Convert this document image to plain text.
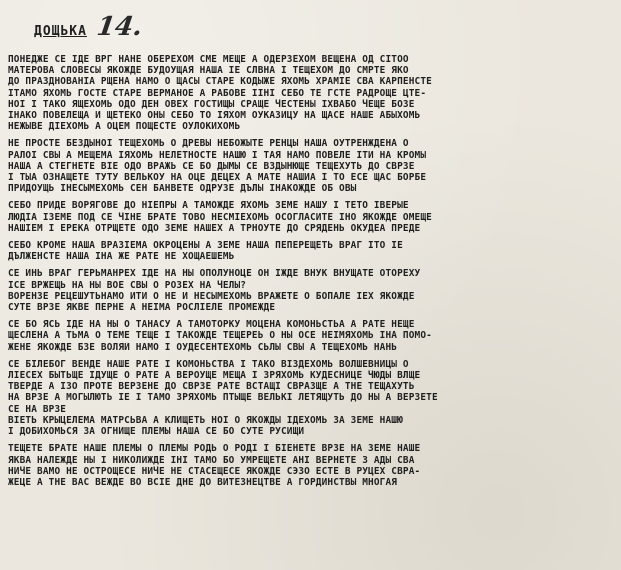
ДОЩЬКА 14.
ПОНЕДЖЕ СЕ ІДЕ ВРГ НАНЕ ОБЕРЕХОМ СМЕ МЕЩЕ А ОДЕРЗЕХОМ ВЕЩЕНА ОД СІТОО
МАТЕРОВА СЛОВЕСЫ ЯКОЖДЕ БУДОУЩАЯ НАША ІЕ СЛВНА І ТЕЩЕХОМ ДО СМРТЕ ЯКО
ДО ПРАЗДНОВАНІА РЩЕНА НАМО О ЩАСЫ СТАРЕ КОДЫЖЕ ЯХОМЬ ХРАМІЕ СВА КАРПЕНСТЕ
ІТАМО ЯХОМЬ ГОСТЕ СТАРЕ ВЕРМАНОЕ А РАБОВЕ ІІНІ СЕБО ТЕ ГСТЕ РАДРОЩЕ ЦТЕ-
НОІ І ТАКО ЯЩЕХОМЬ ОДО ДЕН ОВЕХ ГОСТИЩЫ СРАЩЕ ЧЕСТЕНЫ ІХВАБО ЧЕЩЕ БОЗЕ
ІНАКО ПОВЕЛЕЩА И ЩЕТЕКО ОНЫ СЕБО ТО ІЯХОМ ОУКАЗИЦУ НА ЩАСЕ НАШЕ АБЫХОМЬ
НЕЖЫВЕ ДІЕХОМЬ А ОЦЕМ ПОЩЕСТЕ ОУЛОКИХОМЬ
НЕ ПРОСТЕ БЕЗДЫНОІ ТЕЩЕХОМЬ О ДРЕВЫ НЕБОЖЫТЕ РЕНЦЫ НАША ОУТРЕНЖДЕНА О
РАЛОІ СВЫ А МЕЩЕМА ІЯХОМЬ НЕЛЕТНОСТЕ НАШЮ І ТАЯ НАМО ПОВЕЛЕ ІТИ НА КРОМЫ
НАША А СТЕГНЕТЕ ВІЕ ОДО ВРАЖЬ СЕ БО ДЫМЫ СЕ ВЗДЫНЮЩЕ ТЕЩЕХУТЬ ДО СВРЗЕ
І ТЫА ОЗНАЩЕТЕ ТУТУ ВЕЛЬКОУ НА ОЦЕ ДЕЦЕХ А МАТЕ НАШИА І ТО ЕСЕ ЩАС БОРБЕ
ПРИДОУЩЬ ІНЕСЫМЕХОМЬ СЕН БАНВЕТЕ ОДРУЗЕ ДЪЛЫ ІНАКОЖДЕ ОБ ОВЫ
СЕБО ПРИДЕ ВОРЯГОВЕ ДО НІЕПРЫ А ТАМОЖДЕ ЯХОМЬ ЗЕМЕ НАШУ І ТЕТО ІВЕРЫЕ
ЛЮДІА ІЗЕМЕ ПОД СЕ ЧІНЕ БРАТЕ ТОВО НЕСМІЕХОМЬ ОСОГЛАСИТЕ ІНО ЯКОЖДЕ ОМЕЩЕ
НАШІЕМ І ЕРЕКА ОТРЩЕТЕ ОДО ЗЕМЕ НАШЕХ А ТРНОУТЕ ДО СРЯДЕНЬ ОКУДЕА ПРЕДЕ
СЕБО КРОМЕ НАША ВРАЗІЕМА ОКРОЦЕНЫ А ЗЕМЕ НАША ПЕПЕРЕЩЕТЬ ВРАГ ІТО ІЕ
ДЪЛЖЕНСТЕ НАША ІНА ЖЕ РАТЕ НЕ ХОЩАЕШЕМЬ
СЕ ИНЬ ВРАГ ГЕРЬМАНРЕХ ІДЕ НА НЫ ОПОЛУНОЦЕ ОН ІЖДЕ ВНУК ВНУЩАТЕ ОТОРЕХУ
ІСЕ ВРЖЕЩЬ НА НЫ ВОЕ СВЫ О РОЗЕХ НА ЧЕЛЫ?
ВОРЕНЗЕ РЕЦЕШУТЬНАМО ИТИ О НЕ И НЕСЫМЕХОМЬ ВРАЖЕТЕ О БОПАЛЕ ІЕХ ЯКОЖДЕ
СУТЕ ВРЗЕ ЯКВЕ ПЕРНЕ А НЕІМА РОСЛІЕЛЕ ПРОМЕЖДЕ
СЕ БО ЯСЬ ІДЕ НА НЫ О ТАНАСУ А ТАМОТОРКУ МОЦЕНА КОМОНЬСТЬА А РАТЕ НЕЩЕ
ЩЕСЛЕНА А ТЬМА О ТЕМЕ ТЕЩЕ І ТАКОЖДЕ ТЕЩЕРЕЬ О НЫ ОСЕ НЕІМЯХОМЬ ІНА ПОМО-
ЖЕНЕ ЯКОЖДЕ БЗЕ ВОЛЯЙ НАМО І ОУДЕСЕНТЕХОМЬ СЬЛЫ СВЫ А ТЕЩЕХОМЬ НАНЬ
СЕ БІЛЕБОГ ВЕНДЕ НАШЕ РАТЕ І КОМОНЬСТВА І ТАКО ВІЗДЕХОМЬ ВОЛШЕВНИЦЫ О
ЛІЕСЕХ БЫТЬЩЕ ІДУЩЕ О РАТЕ А ВЕРОУЩЕ МЕЩА І ЗРЯХОМЬ КУДЕСНИЦЕ ЧЮДЫ ВЛЩЕ
ТВЕРДЕ А ІЗО ПРОТЕ ВЕРЗЕНЕ ДО СВРЗЕ РАТЕ ВСТАЩІ СВРАЗЩЕ А ТНЕ ТЕЩАХУТЬ
НА ВРЗЕ А МОГЫЛЮТЬ ІЕ І ТАМО ЗРЯХОМЬ ПТЫЩЕ ВЕЛЬКІ ЛЕТЯЩУТЬ ДО НЫ А ВЕРЗЕТЕ
СЕ НА ВРЗЕ
ВІЕТЬ КРЫЦЕЛЕМА МАТРСЬВА А КЛИЩЕТЬ НОІ О ЯКОЖДЫ ІДЕХОМЬ ЗА ЗЕМЕ НАШЮ
І ДОБИХОМЬСЯ ЗА ОГНИЩЕ ПЛЕМЫ НАША СЕ БО СУТЕ РУСИЩИ
ТЕЩЕТЕ БРАТЕ НАШЕ ПЛЕМЫ О ПЛЕМЫ РОДЬ О РОДІ І БІЕНЕТЕ ВРЗЕ НА ЗЕМЕ НАШЕ
ЯКВА НАЛЕЖДЕ НЫ І НИКОЛИЖДЕ ІНІ ТАМО БО УМРЕЩЕТЕ АНІ ВЕРНЕТЕ З АДЫ СВА
НИЧЕ ВАМО НЕ ОСТРОЩЕСЕ НИЧЕ НЕ СТАСЕЩЕСЕ ЯКОЖДЕ СЭЗО ЕСТЕ В РУЦЕХ СВРА-
ЖЕЦЕ А ТНЕ ВАС ВЕЖДЕ ВО ВСІЕ ДНЕ ДО ВИТЕЗНЕЦТВЕ А ГОРДИНСТВЫ МНОГАЯ
